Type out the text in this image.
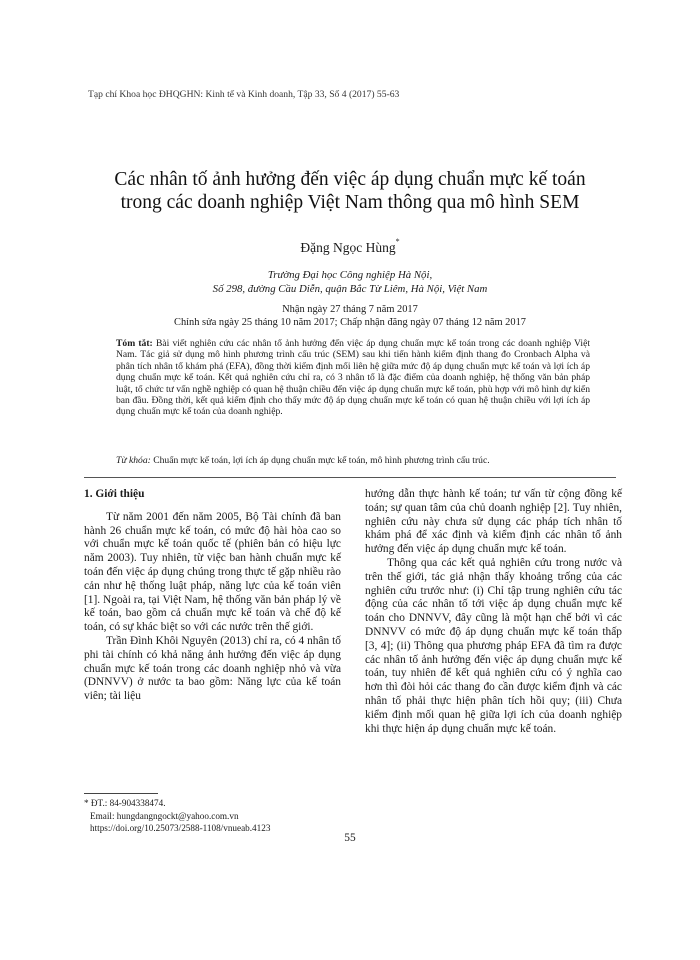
Tạp chí Khoa học ĐHQGHN: Kinh tế và Kinh doanh, Tập 33, Số 4 (2017) 55-63
Các nhân tố ảnh hưởng đến việc áp dụng chuẩn mực kế toán
trong các doanh nghiệp Việt Nam thông qua mô hình SEM
Đặng Ngọc Hùng*
Trường Đại học Công nghiệp Hà Nội,
Số 298, đường Cầu Diễn, quận Bắc Từ Liêm, Hà Nội, Việt Nam
Nhận ngày 27 tháng 7 năm 2017
Chỉnh sửa ngày 25 tháng 10 năm 2017; Chấp nhận đăng ngày 07 tháng 12 năm 2017
Tóm tắt: Bài viết nghiên cứu các nhân tố ảnh hưởng đến việc áp dụng chuẩn mực kế toán trong các doanh nghiệp Việt Nam. Tác giả sử dụng mô hình phương trình cấu trúc (SEM) sau khi tiến hành kiểm định thang đo Cronbach Alpha và phân tích nhân tố khám phá (EFA), đồng thời kiểm định mối liên hệ giữa mức độ áp dụng chuẩn mực kế toán và lợi ích áp dụng chuẩn mực kế toán. Kết quả nghiên cứu chỉ ra, có 3 nhân tố là đặc điểm của doanh nghiệp, hệ thống văn bản pháp luật, tổ chức tư vấn nghề nghiệp có quan hệ thuận chiều đến việc áp dụng chuẩn mực kế toán, phù hợp với mô hình dự kiến ban đầu. Đồng thời, kết quả kiểm định cho thấy mức độ áp dụng chuẩn mực kế toán có quan hệ thuận chiều với lợi ích áp dụng chuẩn mực kế toán của doanh nghiệp.
Từ khóa: Chuẩn mực kế toán, lợi ích áp dụng chuẩn mực kế toán, mô hình phương trình cấu trúc.

1. Giới thiệu

Từ năm 2001 đến năm 2005, Bộ Tài chính đã ban hành 26 chuẩn mực kế toán, có mức độ hài hòa cao so với chuẩn mực kế toán quốc tế (phiên bản có hiệu lực năm 2003). Tuy nhiên, từ việc ban hành chuẩn mực kế toán đến việc áp dụng chúng trong thực tế gặp nhiều rào cản như hệ thống luật pháp, năng lực của kế toán viên [1]. Ngoài ra, tại Việt Nam, hệ thống văn bản pháp lý về kế toán, bao gồm cả chuẩn mực kế toán và chế độ kế toán, có sự khác biệt so với các nước trên thế giới.

Trần Đình Khôi Nguyên (2013) chỉ ra, có 4 nhân tố phi tài chính có khả năng ảnh hưởng đến việc áp dụng chuẩn mực kế toán trong các doanh nghiệp nhỏ và vừa (DNNVV) ở nước ta bao gồm: Năng lực của kế toán viên; tài liệu

hướng dẫn thực hành kế toán; tư vấn từ cộng đồng kế toán; sự quan tâm của chủ doanh nghiệp [2]. Tuy nhiên, nghiên cứu này chưa sử dụng các pháp tích nhân tố khám phá để xác định và kiểm định các nhân tố ảnh hưởng đến việc áp dụng chuẩn mực kế toán.

Thông qua các kết quả nghiên cứu trong nước và trên thế giới, tác giả nhận thấy khoảng trống của các nghiên cứu trước như: (i) Chỉ tập trung nghiên cứu tác động của các nhân tố tới việc áp dụng chuẩn mực kế toán cho DNNVV, đây cũng là một hạn chế bởi vì các DNNVV có mức độ áp dụng chuẩn mực kế toán thấp [3, 4]; (ii) Thông qua phương pháp EFA đã tìm ra được các nhân tố ảnh hưởng đến việc áp dụng chuẩn mực kế toán, tuy nhiên để kết quả nghiên cứu có ý nghĩa cao hơn thì đòi hỏi các thang đo cần được kiểm định và các nhân tố phải thực hiện phân tích hồi quy; (iii) Chưa kiểm định mối quan hệ giữa lợi ích của doanh nghiệp khi thực hiện áp dụng chuẩn mực kế toán.

* ĐT.: 84-904338474.
Email: hungdangngockt@yahoo.com.vn
https://doi.org/10.25073/2588-1108/vnueab.4123
55
